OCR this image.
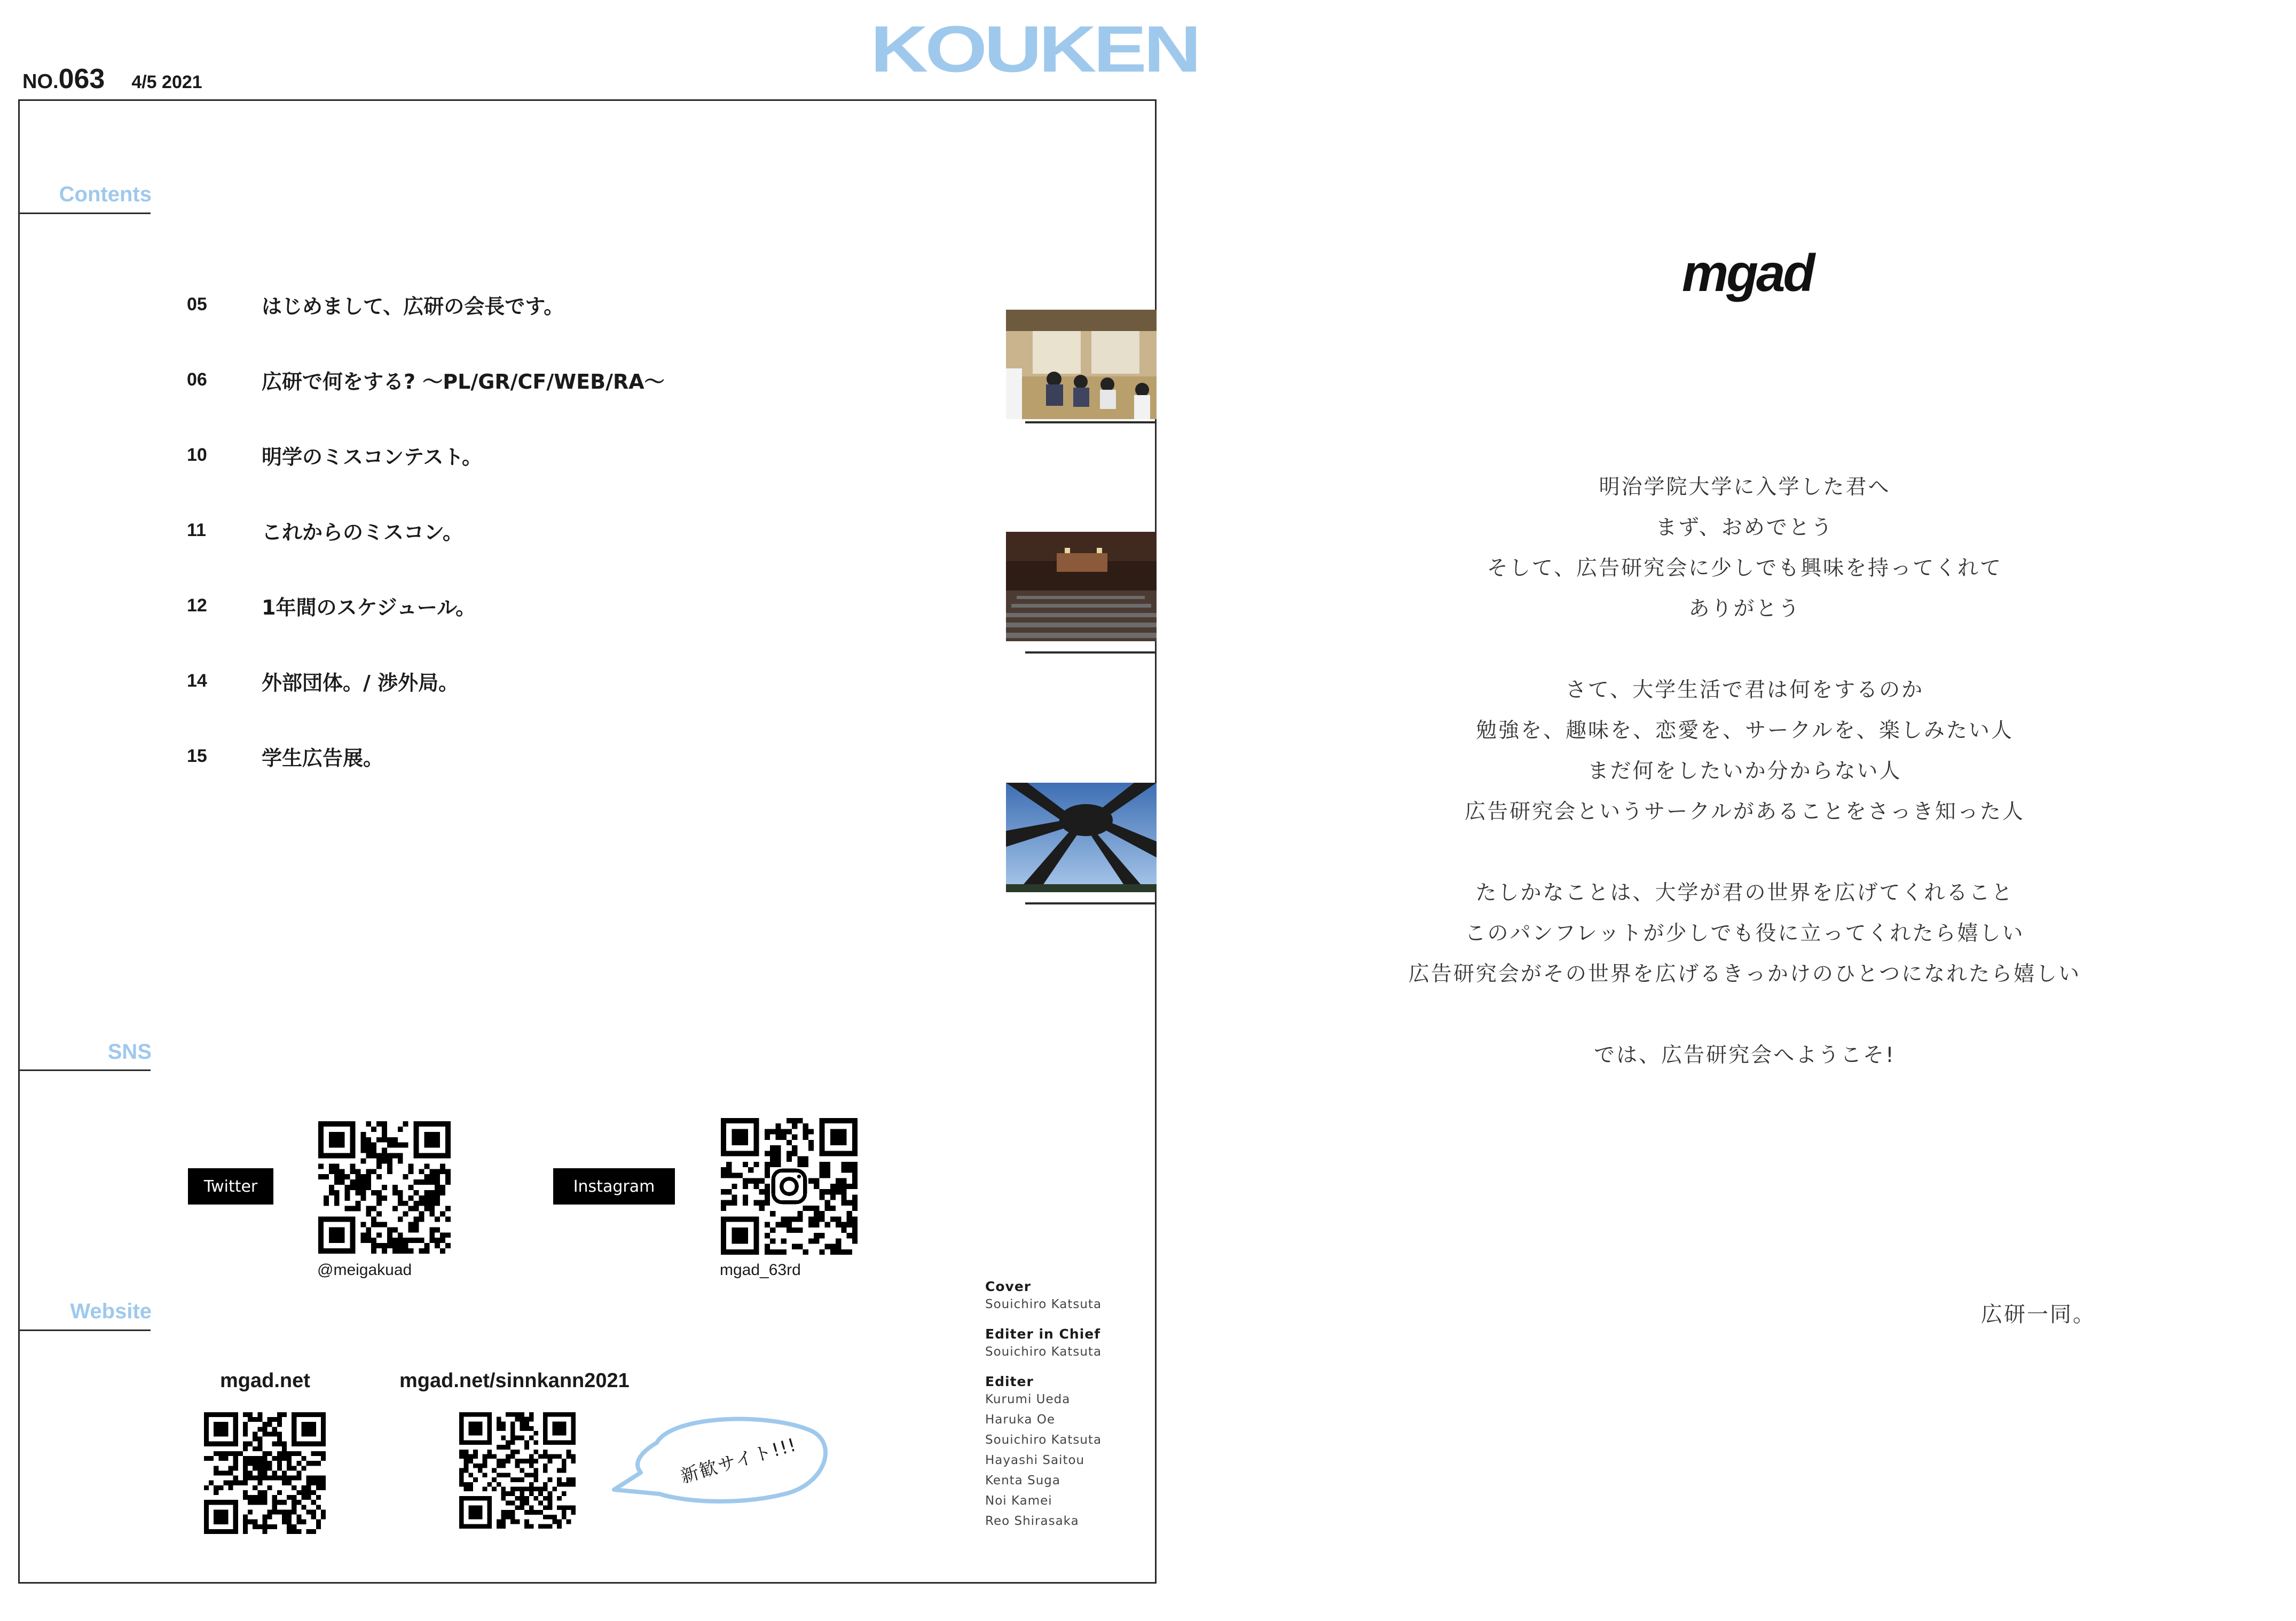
NO.063 4/5 2021	KOUKEN
Contents
05	はじめまして、広研の会長です。
06	広研で何をする? 〜PL/GR/CF/WEB/RA〜
10	明学のミスコンテスト。
11	これからのミスコン。
12	1年間のスケジュール。
14	外部団体。/ 渉外局。
15	学生広告展。
SNS
Twitter
@meigakuad
Instagram
mgad_63rd
Website
mgad.net	mgad.net/sinnkann2021
新歓サイト!!!
Cover
Souichiro Katsuta
Editer in Chief
Souichiro Katsuta
Editer
Kurumi Ueda
Haruka Oe
Souichiro Katsuta
Hayashi Saitou
Kenta Suga
Noi Kamei
Reo Shirasaka
mgad
明治学院大学に入学した君へ
まず、おめでとう
そして、広告研究会に少しでも興味を持ってくれて
ありがとう
さて、大学生活で君は何をするのか
勉強を、趣味を、恋愛を、サークルを、楽しみたい人
まだ何をしたいか分からない人
広告研究会というサークルがあることをさっき知った人
たしかなことは、大学が君の世界を広げてくれること
このパンフレットが少しでも役に立ってくれたら嬉しい
広告研究会がその世界を広げるきっかけのひとつになれたら嬉しい
では、広告研究会へようこそ!
広研一同。
